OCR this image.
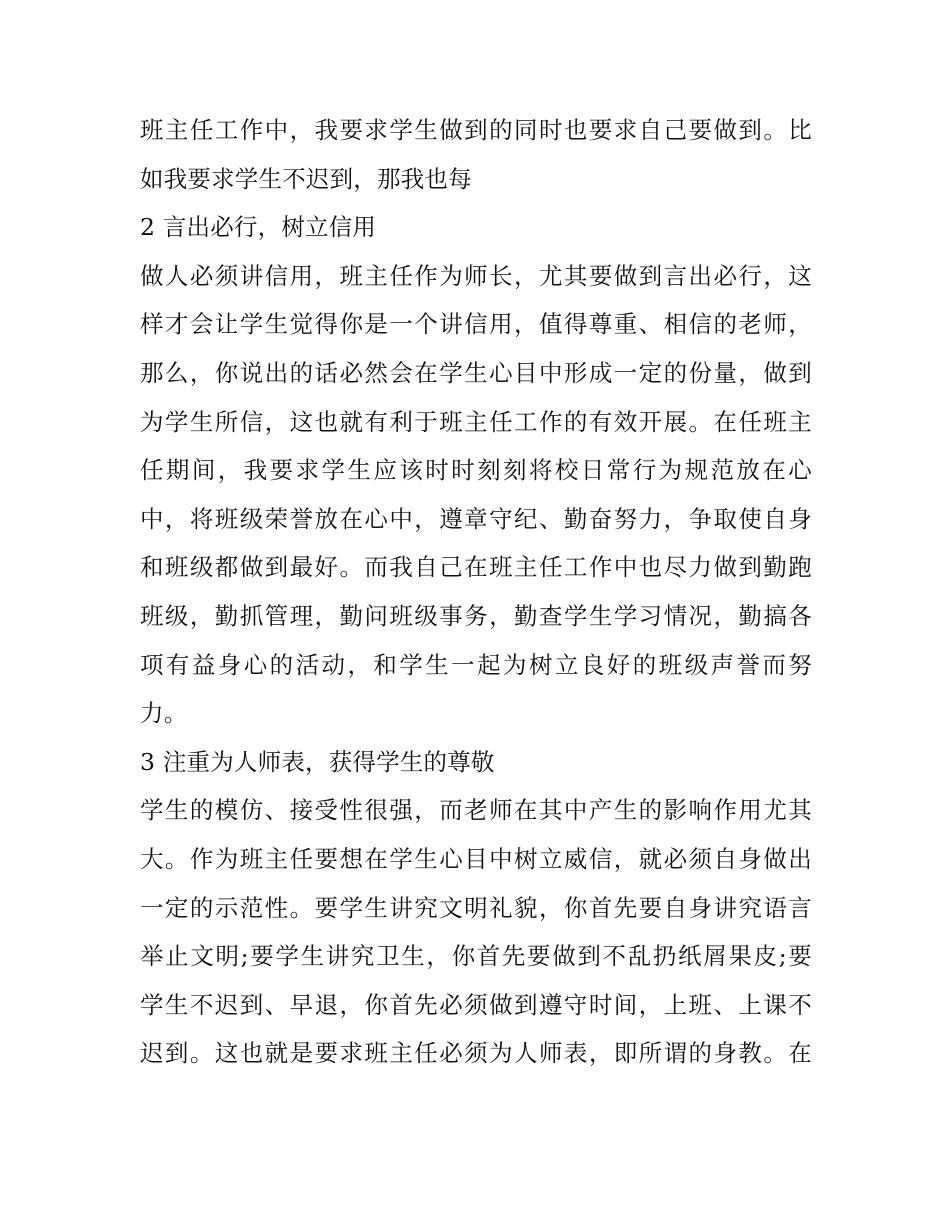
班主任工作中，我要求学生做到的同时也要求自己要做到。比
如我要求学生不迟到，那我也每
2 言出必行，树立信用
做人必须讲信用，班主任作为师长，尤其要做到言出必行，这
样才会让学生觉得你是一个讲信用，值得尊重、相信的老师，
那么，你说出的话必然会在学生心目中形成一定的份量，做到
为学生所信，这也就有利于班主任工作的有效开展。在任班主
任期间，我要求学生应该时时刻刻将校日常行为规范放在心
中，将班级荣誉放在心中，遵章守纪、勤奋努力，争取使自身
和班级都做到最好。而我自己在班主任工作中也尽力做到勤跑
班级，勤抓管理，勤问班级事务，勤查学生学习情况，勤搞各
项有益身心的活动，和学生一起为树立良好的班级声誉而努
力。
3 注重为人师表，获得学生的尊敬
学生的模仿、接受性很强，而老师在其中产生的影响作用尤其
大。作为班主任要想在学生心目中树立威信，就必须自身做出
一定的示范性。要学生讲究文明礼貌，你首先要自身讲究语言
举止文明;要学生讲究卫生，你首先要做到不乱扔纸屑果皮;要
学生不迟到、早退，你首先必须做到遵守时间，上班、上课不
迟到。这也就是要求班主任必须为人师表，即所谓的身教。在
